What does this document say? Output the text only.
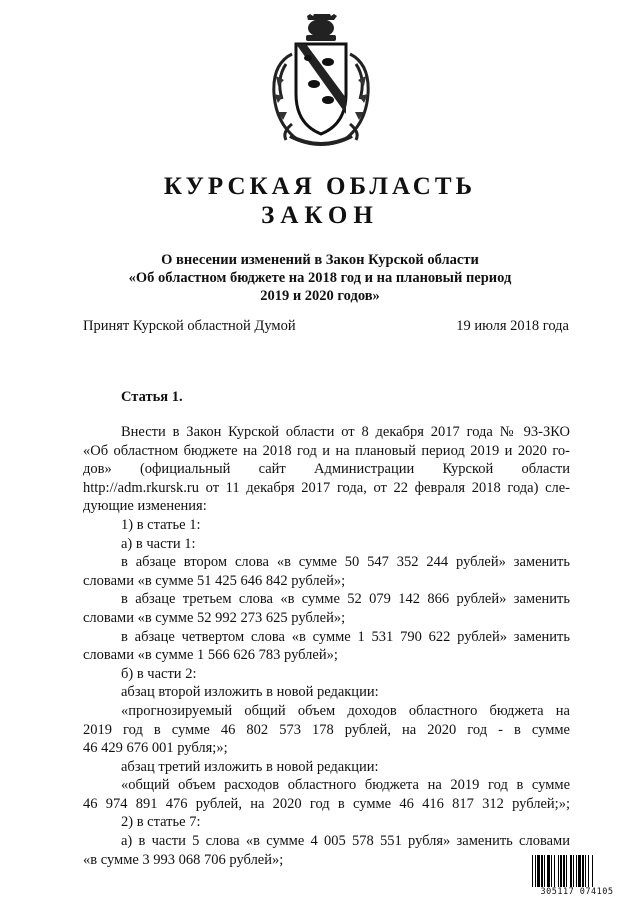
КУРСКАЯ ОБЛАСТЬ
ЗАКОН
О внесении изменений в Закон Курской области
«Об областном бюджете на 2018 год и на плановый период
2019 и 2020 годов»
Принят Курской областной Думой	19 июля 2018 года
Статья 1.
Внести в Закон Курской области от 8 декабря 2017 года № 93-ЗКО
«Об областном бюджете на 2018 год и на плановый период 2019 и 2020 го-
дов» (официальный сайт Администрации Курской области
http://adm.rkursk.ru от 11 декабря 2017 года, от 22 февраля 2018 года) сле-
дующие изменения:
1) в статье 1:
а) в части 1:
в абзаце втором слова «в сумме 50 547 352 244 рублей» заменить
словами «в сумме 51 425 646 842 рублей»;
в абзаце третьем слова «в сумме 52 079 142 866 рублей» заменить
словами «в сумме 52 992 273 625 рублей»;
в абзаце четвертом слова «в сумме 1 531 790 622 рублей» заменить
словами «в сумме 1 566 626 783 рублей»;
б) в части 2:
абзац второй изложить в новой редакции:
«прогнозируемый общий объем доходов областного бюджета на
2019 год в сумме 46 802 573 178 рублей, на 2020 год - в сумме
46 429 676 001 рубля;»;
абзац третий изложить в новой редакции:
«общий объем расходов областного бюджета на 2019 год в сумме
46 974 891 476 рублей, на 2020 год в сумме 46 416 817 312 рублей;»;
2) в статье 7:
а) в части 5 слова «в сумме 4 005 578 551 рубля» заменить словами
«в сумме 3 993 068 706 рублей»;
305117 074105
